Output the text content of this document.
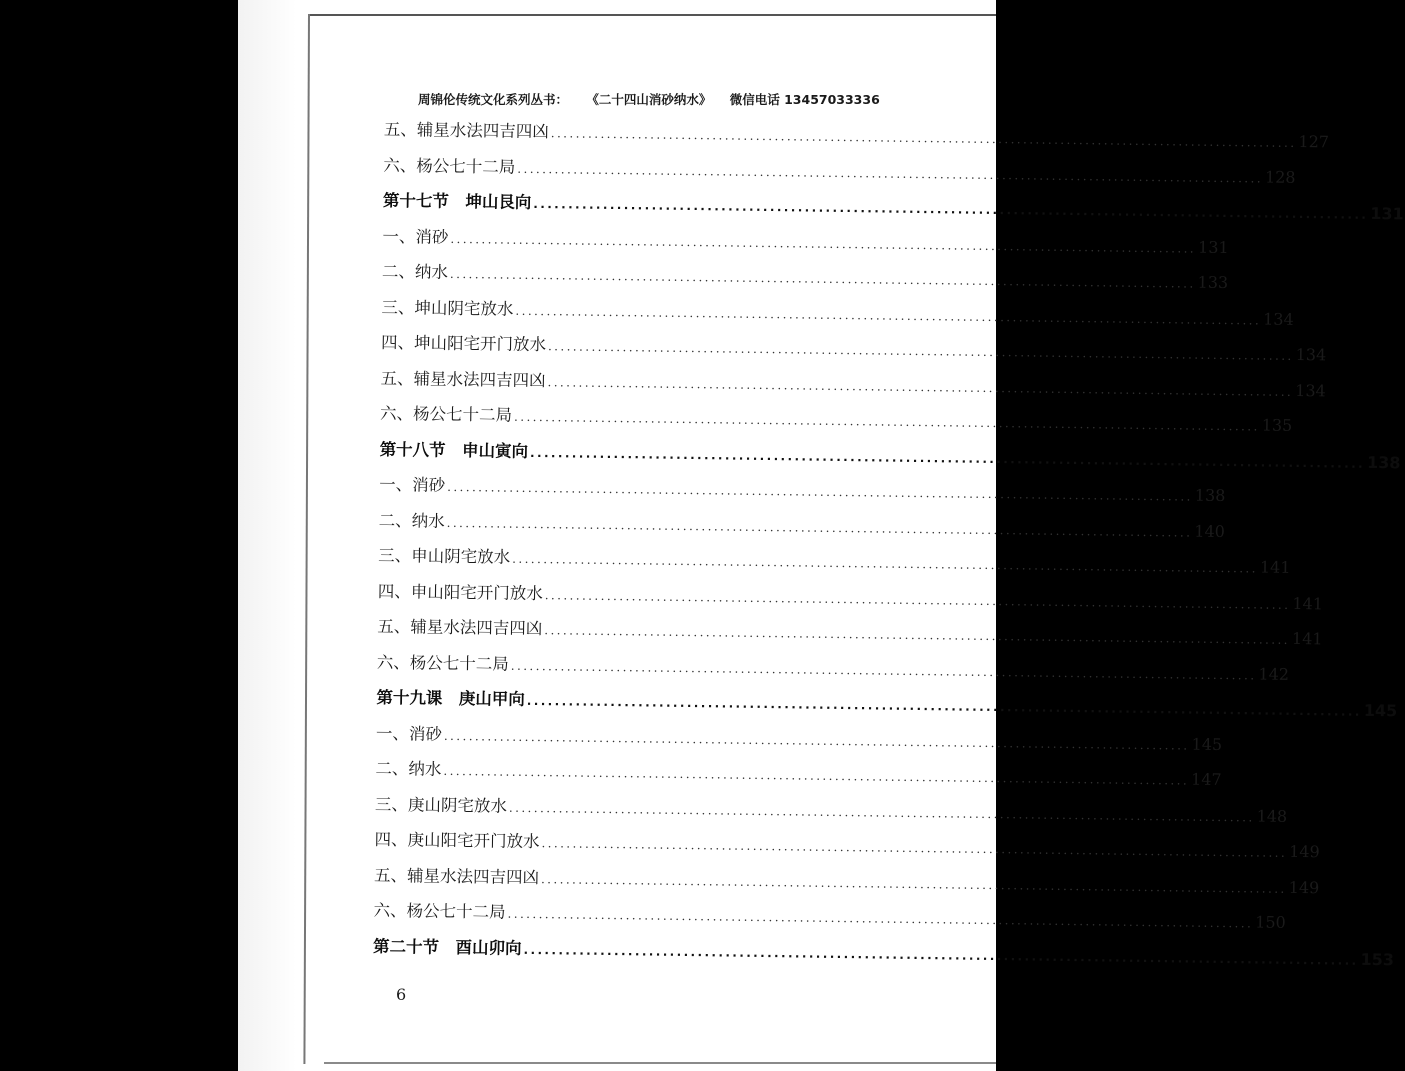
周锦伦传统文化系列丛书： 《二十四山消砂纳水》 微信电话 13457033336
五、辅星水法四吉四凶 ........................................................................................................................ 127
六、杨公七十二局 ........................................................................................................................ 128
第十七节　坤山艮向 ........................................................................................................................ 131
一、消砂 ........................................................................................................................ 131
二、纳水 ........................................................................................................................ 133
三、坤山阴宅放水 ........................................................................................................................ 134
四、坤山阳宅开门放水 ........................................................................................................................ 134
五、辅星水法四吉四凶 ........................................................................................................................ 134
六、杨公七十二局 ........................................................................................................................ 135
第十八节　申山寅向 ........................................................................................................................ 138
一、消砂 ........................................................................................................................ 138
二、纳水 ........................................................................................................................ 140
三、申山阴宅放水 ........................................................................................................................ 141
四、申山阳宅开门放水 ........................................................................................................................ 141
五、辅星水法四吉四凶 ........................................................................................................................ 141
六、杨公七十二局 ........................................................................................................................ 142
第十九课　庚山甲向 ........................................................................................................................ 145
一、消砂 ........................................................................................................................ 145
二、纳水 ........................................................................................................................ 147
三、庚山阴宅放水 ........................................................................................................................ 148
四、庚山阳宅开门放水 ........................................................................................................................ 149
五、辅星水法四吉四凶 ........................................................................................................................ 149
六、杨公七十二局 ........................................................................................................................ 150
第二十节　酉山卯向 ........................................................................................................................ 153
6
